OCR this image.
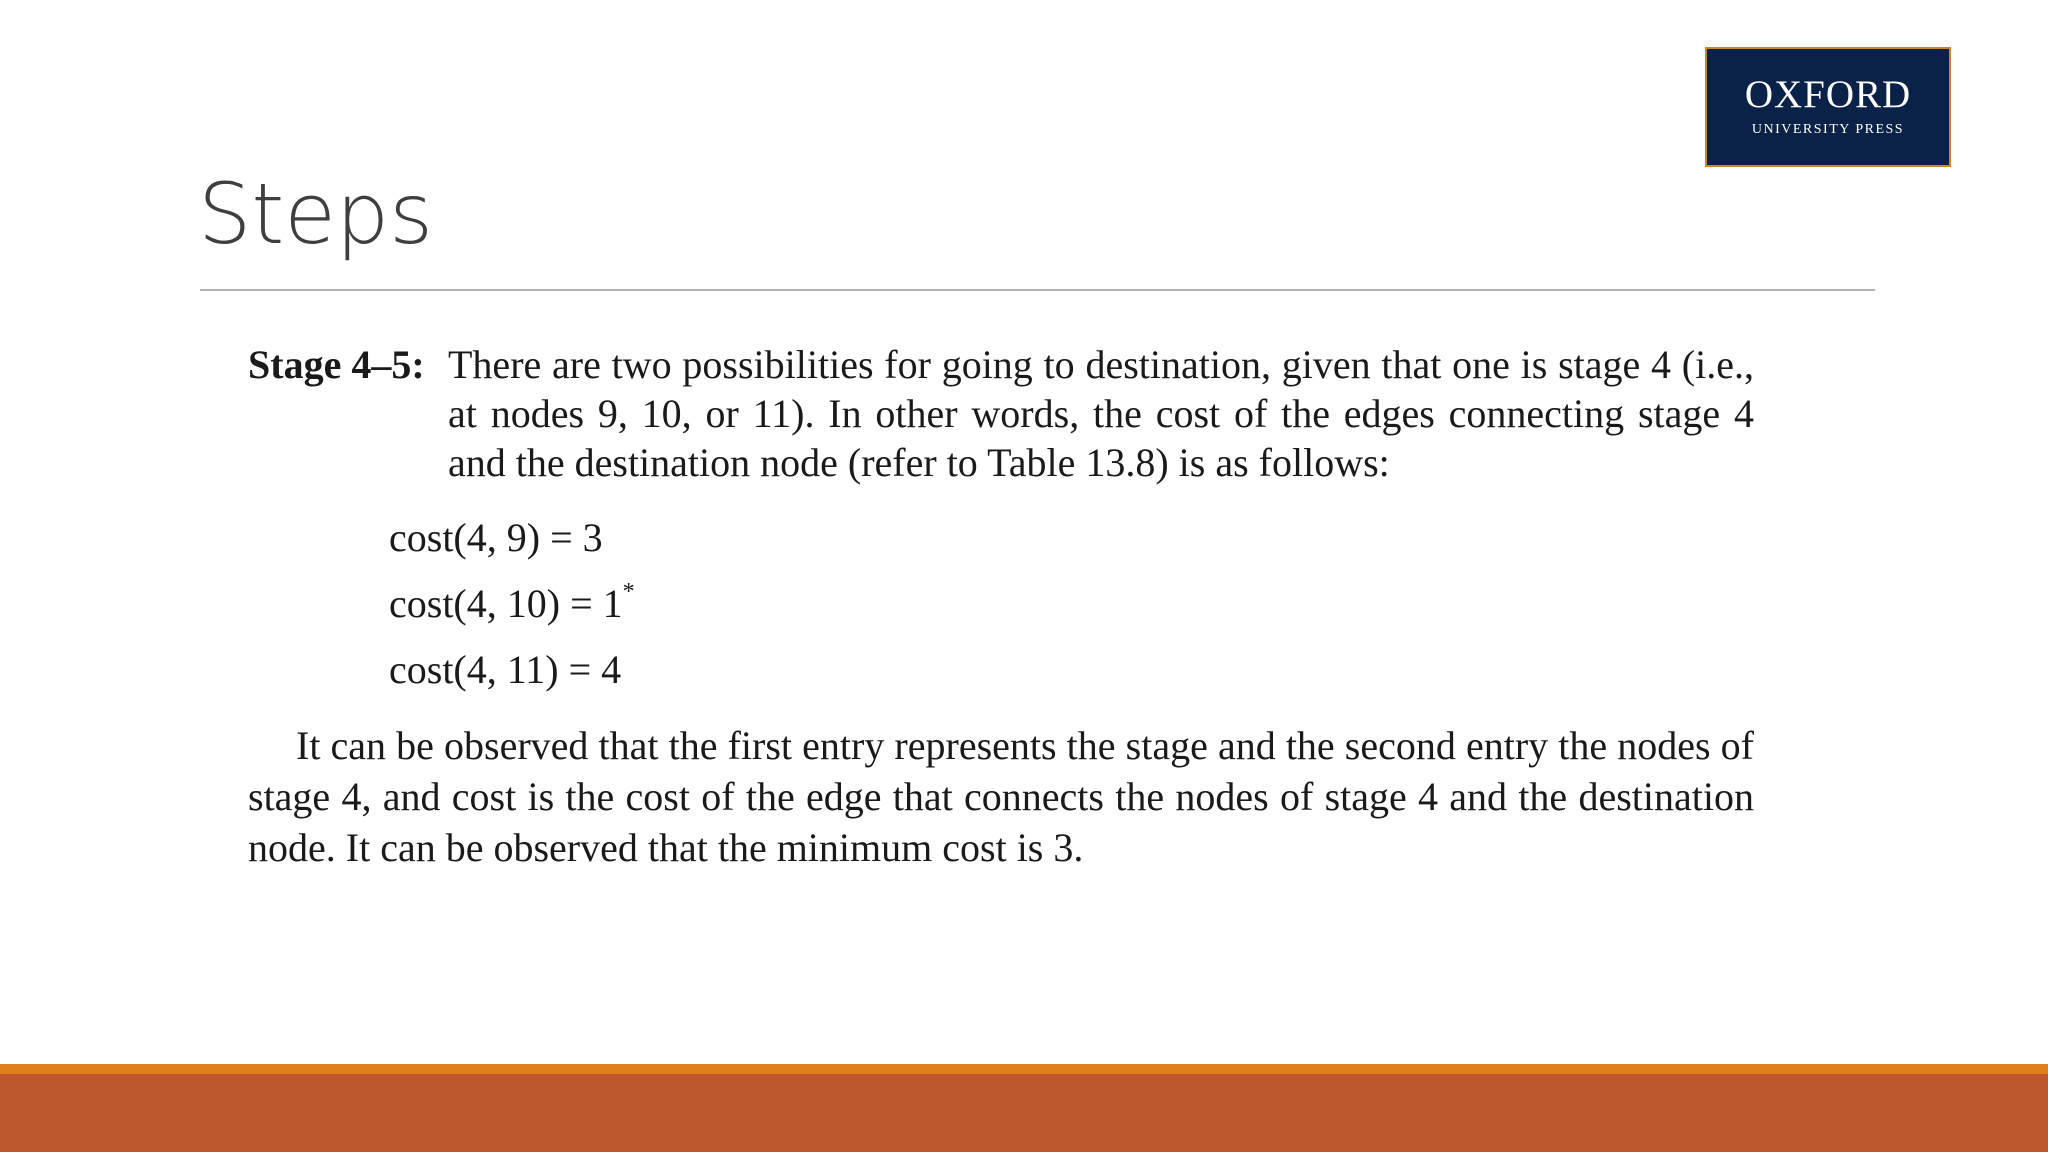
OXFORD
UNIVERSITY PRESS
Steps
Stage 4–5: There are two possibilities for going to destination, given that one is stage 4 (i.e.,
at nodes 9, 10, or 11). In other words, the cost of the edges connecting stage 4
and the destination node (refer to Table 13.8) is as follows:
cost(4, 9) = 3
cost(4, 10) = 1*
cost(4, 11) = 4
It can be observed that the first entry represents the stage and the second entry the nodes of
stage 4, and cost is the cost of the edge that connects the nodes of stage 4 and the destination
node. It can be observed that the minimum cost is 3.
